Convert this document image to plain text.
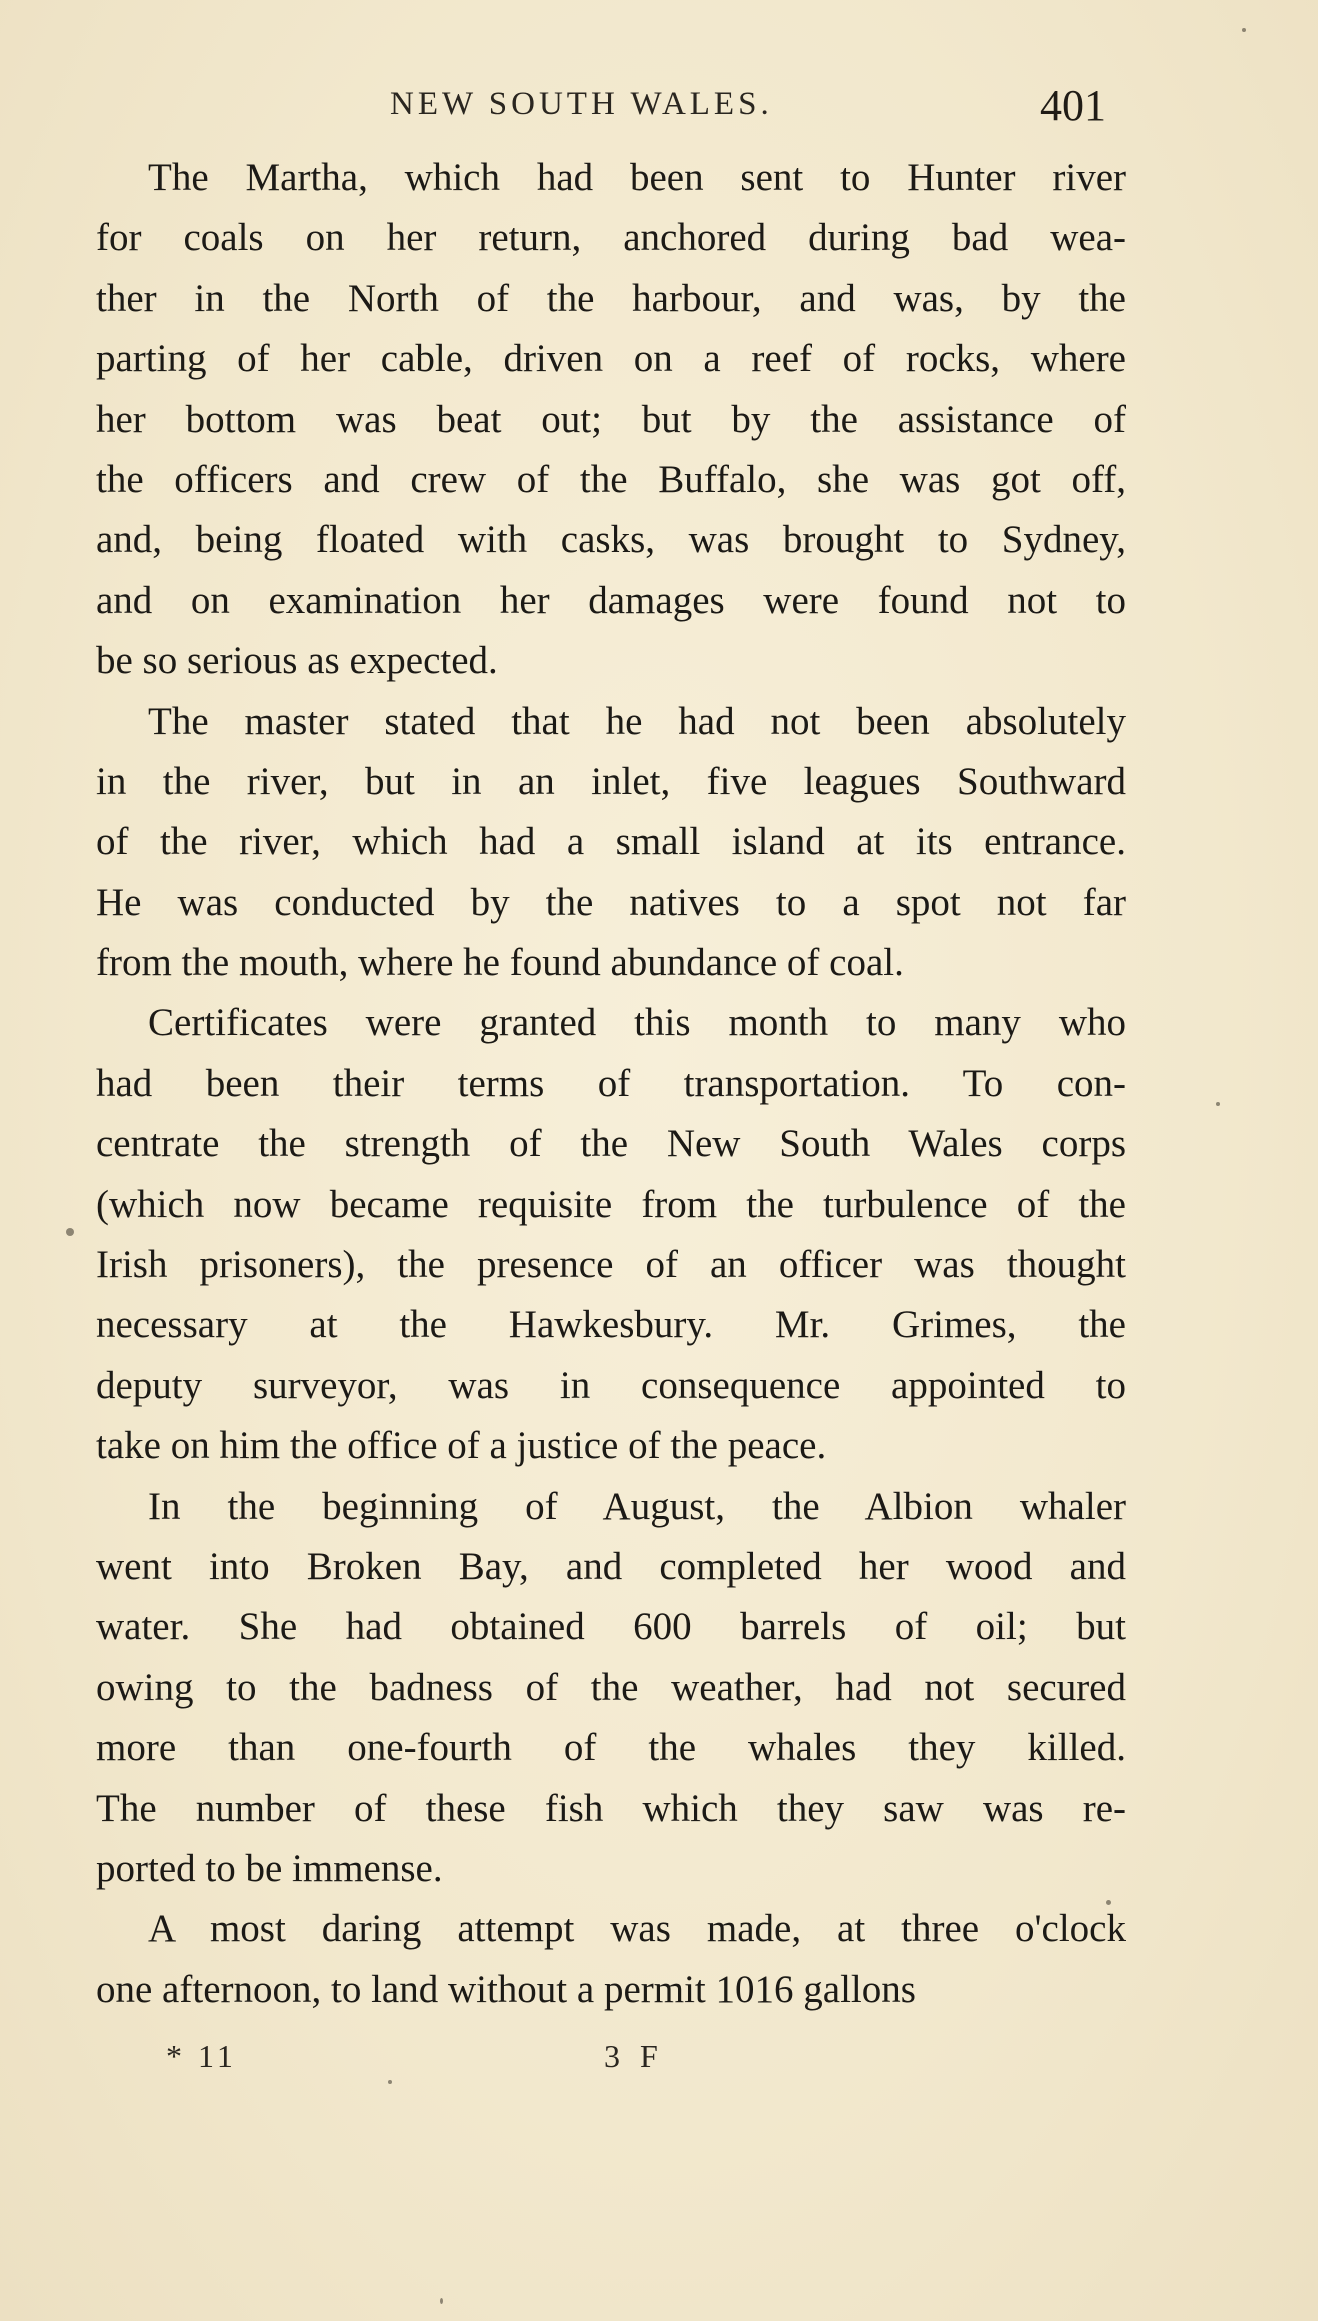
NEW SOUTH WALES.	401
The Martha, which had been sent to Hunter river
for coals on her return, anchored during bad wea-
ther in the North of the harbour, and was, by the
parting of her cable, driven on a reef of rocks, where
her bottom was beat out; but by the assistance of
the officers and crew of the Buffalo, she was got off,
and, being floated with casks, was brought to Sydney,
and on examination her damages were found not to
be so serious as expected.
The master stated that he had not been absolutely
in the river, but in an inlet, five leagues Southward
of the river, which had a small island at its entrance.
He was conducted by the natives to a spot not far
from the mouth, where he found abundance of coal.
Certificates were granted this month to many who
had been their terms of transportation. To con-
centrate the strength of the New South Wales corps
(which now became requisite from the turbulence of the
Irish prisoners), the presence of an officer was thought
necessary at the Hawkesbury. Mr. Grimes, the
deputy surveyor, was in consequence appointed to
take on him the office of a justice of the peace.
In the beginning of August, the Albion whaler
went into Broken Bay, and completed her wood and
water. She had obtained 600 barrels of oil; but
owing to the badness of the weather, had not secured
more than one-fourth of the whales they killed.
The number of these fish which they saw was re-
ported to be immense.
A most daring attempt was made, at three o'clock
one afternoon, to land without a permit 1016 gallons
* 11	3 F
